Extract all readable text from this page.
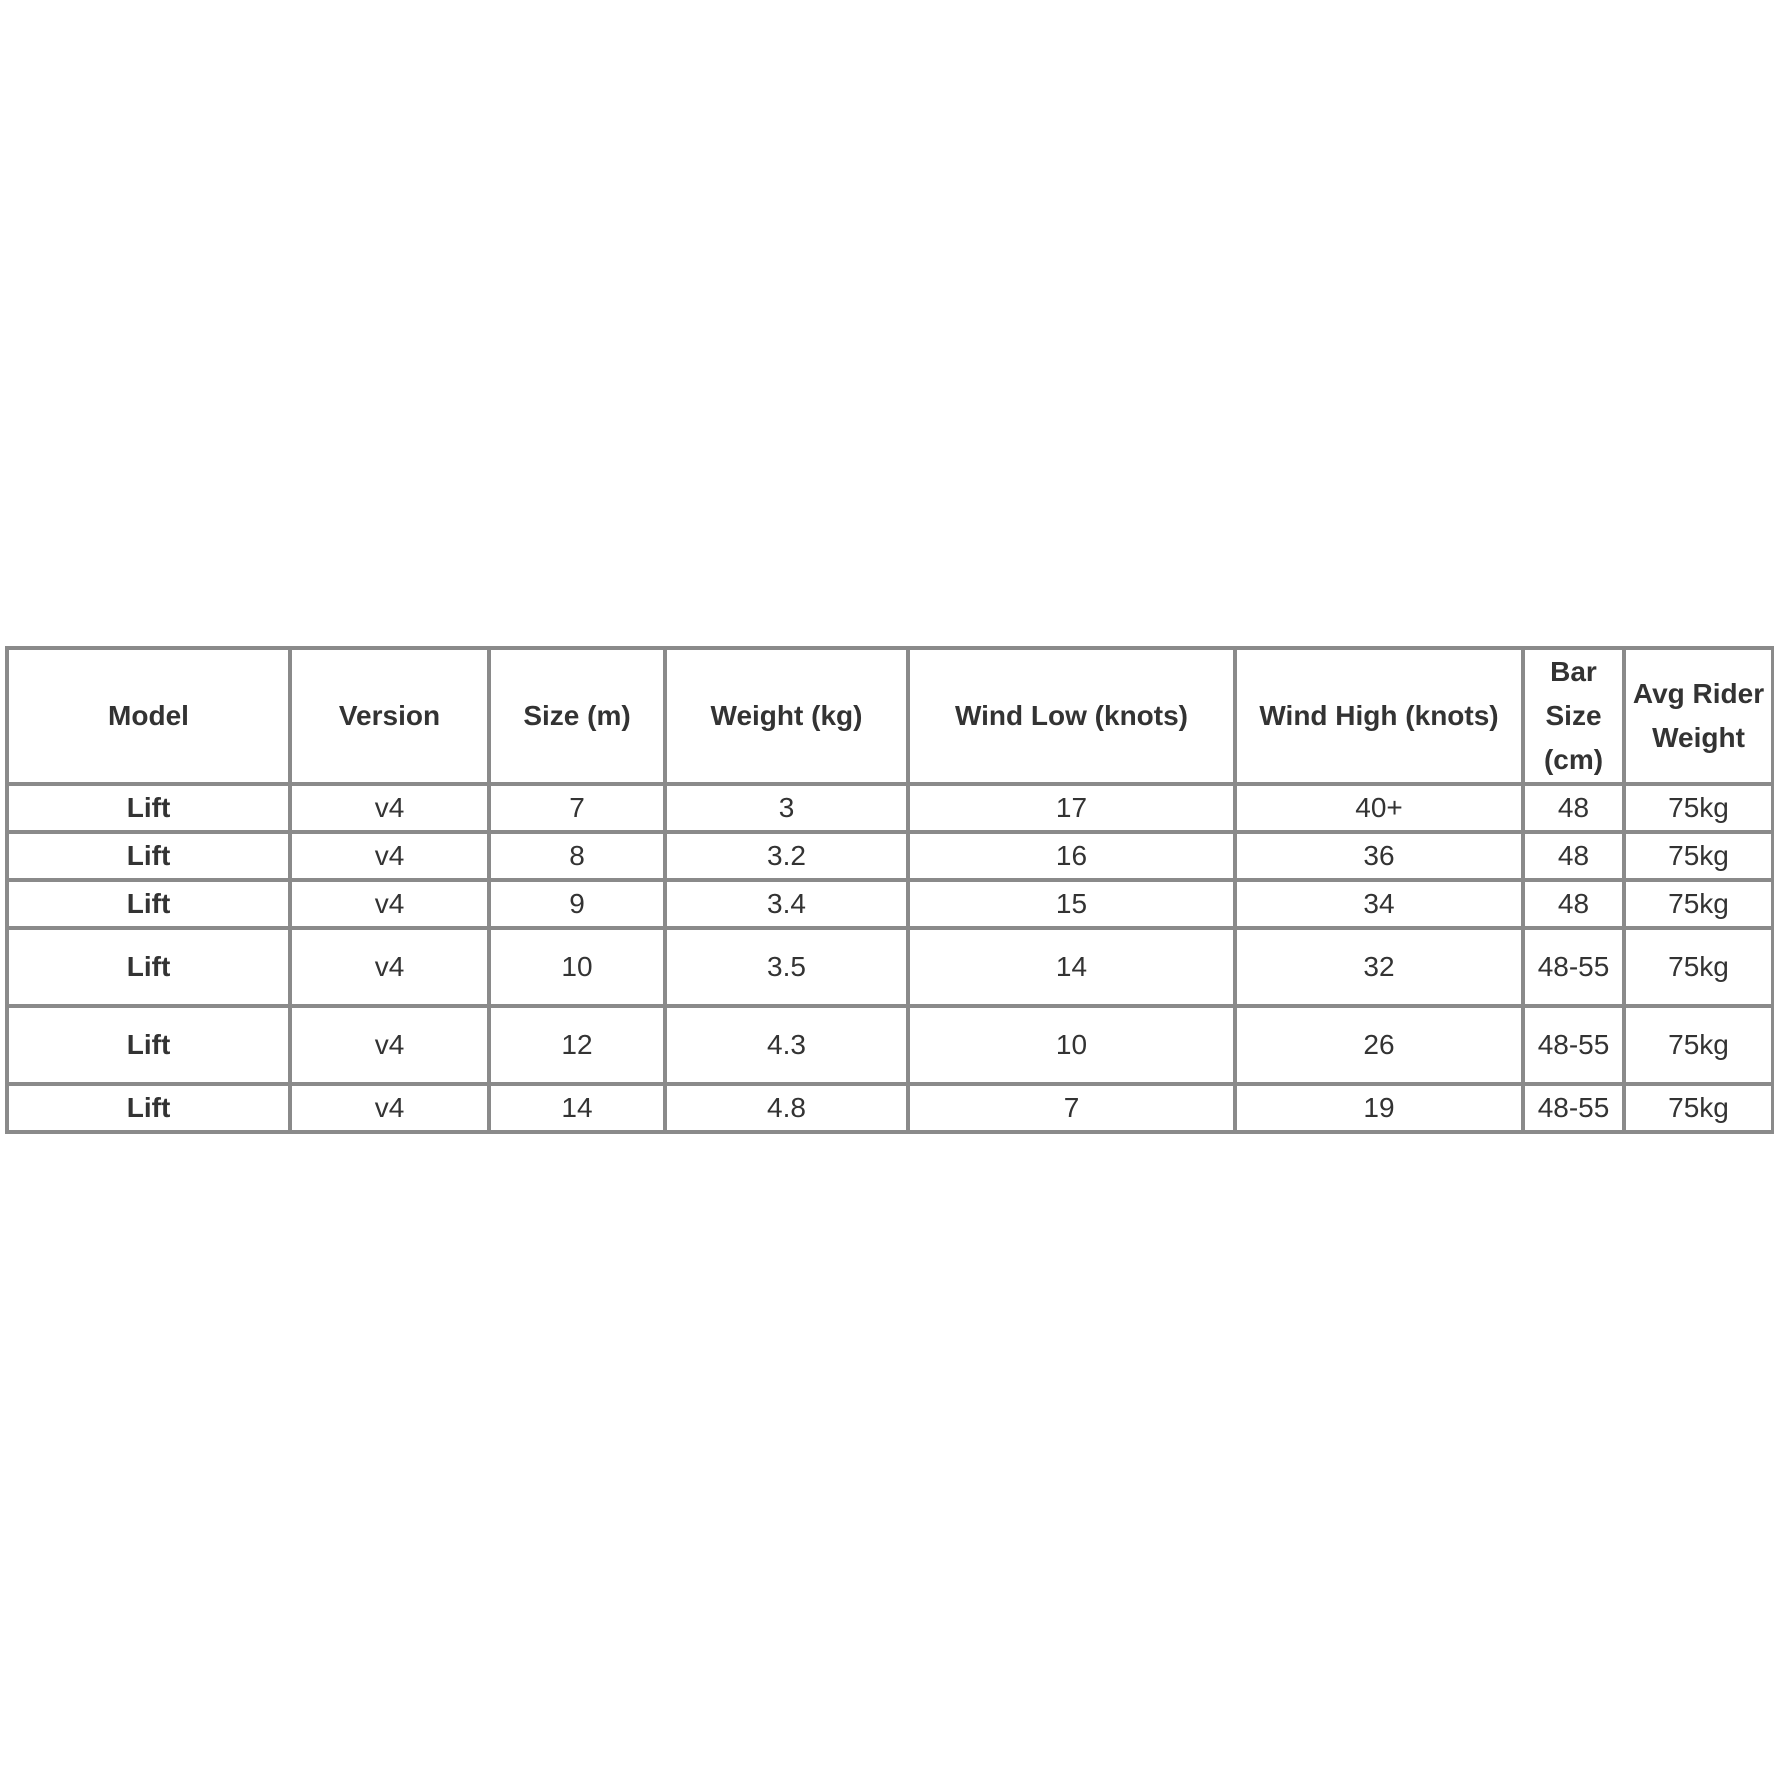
Model	Version	Size (m)	Weight (kg)	Wind Low (knots)	Wind High (knots)	Bar Size (cm)	Avg Rider Weight
Lift	v4	7	3	17	40+	48	75kg
Lift	v4	8	3.2	16	36	48	75kg
Lift	v4	9	3.4	15	34	48	75kg
Lift	v4	10	3.5	14	32	48-55	75kg
Lift	v4	12	4.3	10	26	48-55	75kg
Lift	v4	14	4.8	7	19	48-55	75kg
